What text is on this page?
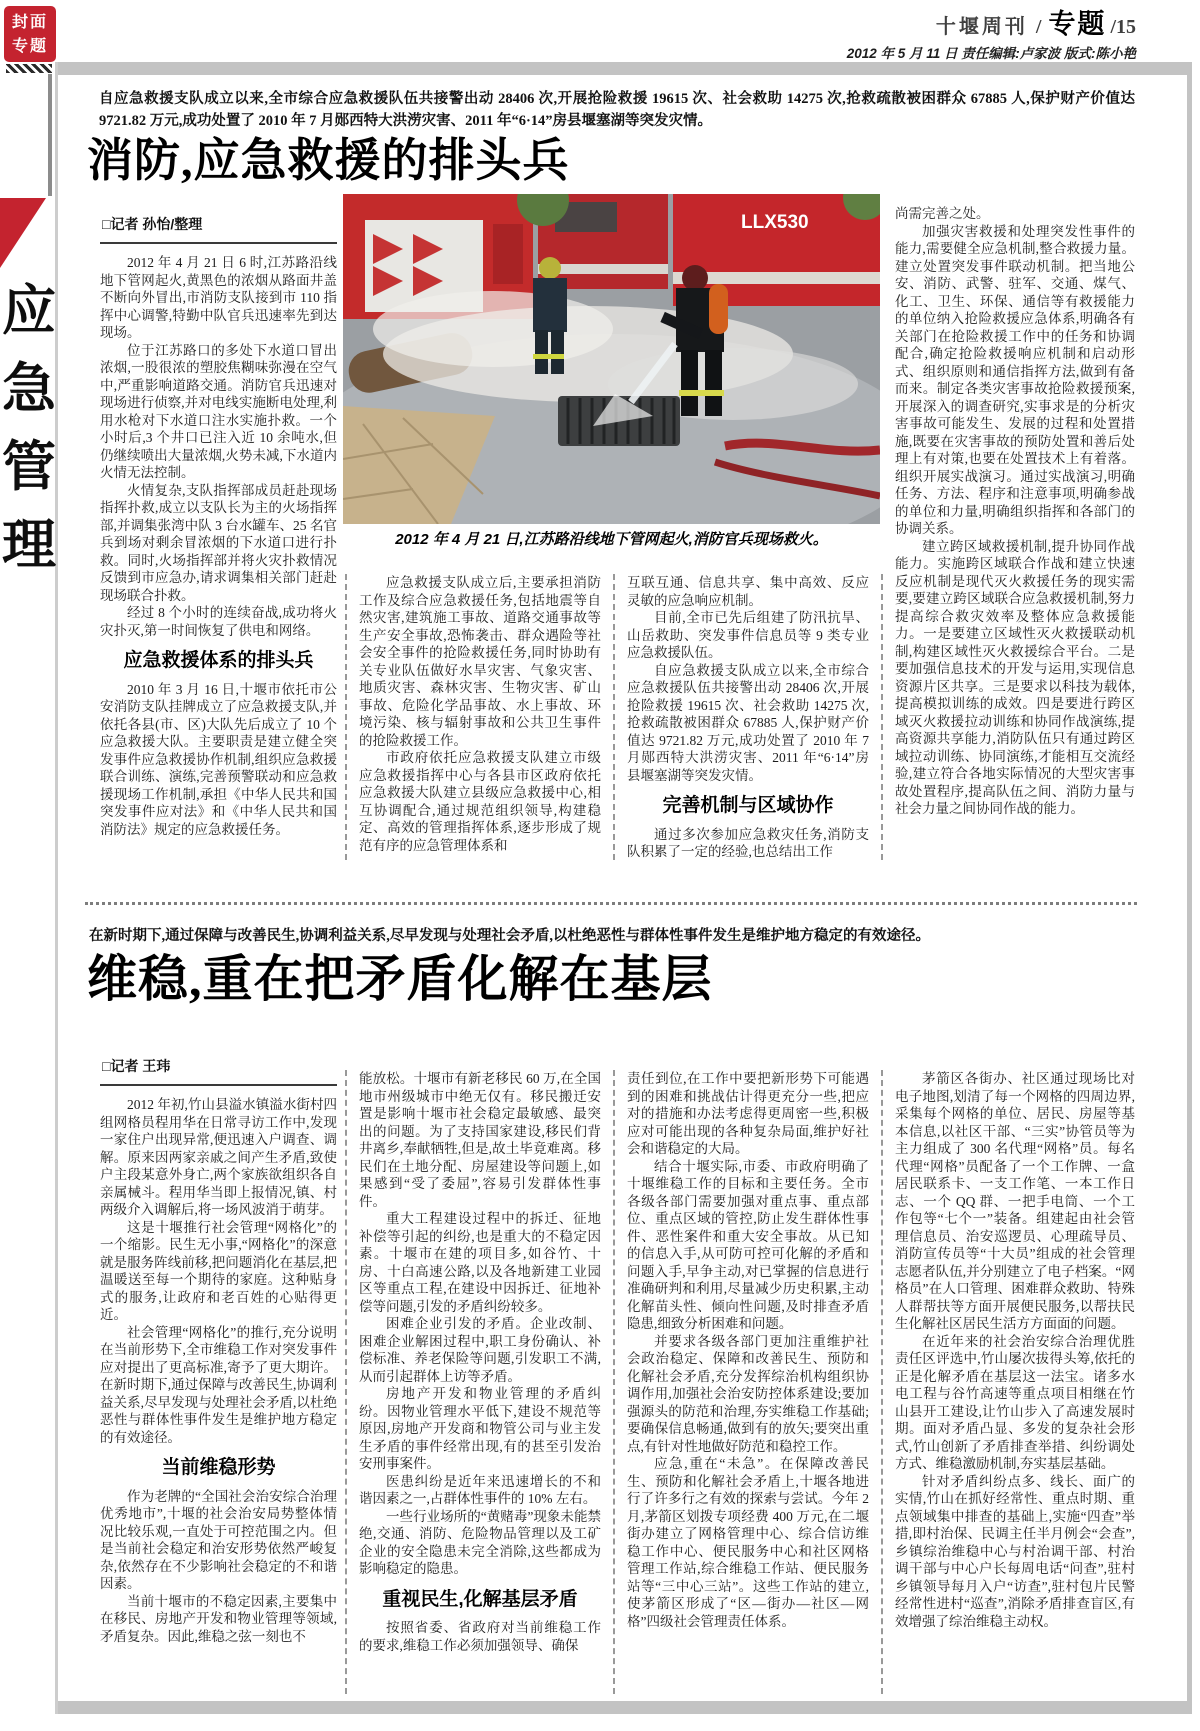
封面
专题
应
急
管
理
十堰周刊 / 专题 /15
2012 年 5 月 11 日 责任编辑:卢家波 版式:陈小艳
自应急救援支队成立以来,全市综合应急救援队伍共接警出动 28406 次,开展抢险救援 19615 次、社会救助 14275 次,抢救疏散被困群众 67885 人,保护财产价值达 9721.82 万元,成功处置了 2010 年 7 月郧西特大洪涝灾害、2011 年“6·14”房县堰塞湖等突发灾情。
消防,应急救援的排头兵
LLX530
2012 年 4 月 21 日,江苏路沿线地下管网起火,消防官兵现场救火。
□记者 孙怡/整理

2012 年 4 月 21 日 6 时,江苏路沿线地下管网起火,黄黑色的浓烟从路面井盖不断向外冒出,市消防支队接到市 110 指挥中心调警,特勤中队官兵迅速率先到达现场。

位于江苏路口的多处下水道口冒出浓烟,一股很浓的塑胶焦糊味弥漫在空气中,严重影响道路交通。消防官兵迅速对现场进行侦察,并对电线实施断电处理,利用水枪对下水道口注水实施扑救。一个小时后,3 个井口已注入近 10 余吨水,但仍继续喷出大量浓烟,火势未减,下水道内火情无法控制。

火情复杂,支队指挥部成员赶赴现场指挥扑救,成立以支队长为主的火场指挥部,并调集张湾中队 3 台水罐车、25 名官兵到场对剩余冒浓烟的下水道口进行扑救。同时,火场指挥部并将火灾扑救情况反馈到市应急办,请求调集相关部门赶赴现场联合扑救。

经过 8 个小时的连续奋战,成功将火灾扑灭,第一时间恢复了供电和网络。

应急救援体系的排头兵

2010 年 3 月 16 日,十堰市依托市公安消防支队挂牌成立了应急救援支队,并依托各县(市、区)大队先后成立了 10 个应急救援大队。主要职责是建立健全突发事件应急救援协作机制,组织应急救援联合训练、演练,完善预警联动和应急救援现场工作机制,承担《中华人民共和国突发事件应对法》和《中华人民共和国消防法》规定的应急救援任务。

应急救援支队成立后,主要承担消防工作及综合应急救援任务,包括地震等自然灾害,建筑施工事故、道路交通事故等生产安全事故,恐怖袭击、群众遇险等社会安全事件的抢险救援任务,同时协助有关专业队伍做好水旱灾害、气象灾害、地质灾害、森林灾害、生物灾害、矿山事故、危险化学品事故、水上事故、环境污染、核与辐射事故和公共卫生事件的抢险救援工作。

市政府依托应急救援支队建立市级应急救援指挥中心与各县市区政府依托应急救援大队建立县级应急救援中心,相互协调配合,通过规范组织领导,构建稳定、高效的管理指挥体系,逐步形成了规范有序的应急管理体系和

互联互通、信息共享、集中高效、反应灵敏的应急响应机制。

目前,全市已先后组建了防汛抗旱、山岳救助、突发事件信息员等 9 类专业应急救援队伍。

自应急救援支队成立以来,全市综合应急救援队伍共接警出动 28406 次,开展抢险救援 19615 次、社会救助 14275 次,抢救疏散被困群众 67885 人,保护财产价值达 9721.82 万元,成功处置了 2010 年 7 月郧西特大洪涝灾害、2011 年“6·14”房县堰塞湖等突发灾情。

完善机制与区域协作

通过多次参加应急救灾任务,消防支队积累了一定的经验,也总结出工作

尚需完善之处。

加强灾害救援和处理突发性事件的能力,需要健全应急机制,整合救援力量。建立处置突发事件联动机制。把当地公安、消防、武警、驻军、交通、煤气、化工、卫生、环保、通信等有救援能力的单位纳入抢险救援应急体系,明确各有关部门在抢险救援工作中的任务和协调配合,确定抢险救援响应机制和启动形式、组织原则和通信指挥方法,做到有备而来。制定各类灾害事故抢险救援预案,开展深入的调查研究,实事求是的分析灾害事故可能发生、发展的过程和处置措施,既要在灾害事故的预防处置和善后处理上有对策,也要在处置技术上有着落。组织开展实战演习。通过实战演习,明确任务、方法、程序和注意事项,明确参战的单位和力量,明确组织指挥和各部门的协调关系。

建立跨区域救援机制,提升协同作战能力。实施跨区域联合作战和建立快速反应机制是现代灭火救援任务的现实需要,要建立跨区域联合应急救援机制,努力提高综合救灾效率及整体应急救援能力。一是要建立区域性灭火救援联动机制,构建区域性灭火救援综合平台。二是要加强信息技术的开发与运用,实现信息资源片区共享。三是要求以科技为载体,提高模拟训练的成效。四是要进行跨区域灭火救援拉动训练和协同作战演练,提高资源共享能力,消防队伍只有通过跨区域拉动训练、协同演练,才能相互交流经验,建立符合各地实际情况的大型灾害事故处置程序,提高队伍之间、消防力量与社会力量之间协同作战的能力。

在新时期下,通过保障与改善民生,协调利益关系,尽早发现与处理社会矛盾,以杜绝恶性与群体性事件发生是维护地方稳定的有效途径。
维稳,重在把矛盾化解在基层
□记者 王玮

2012 年初,竹山县溢水镇溢水街村四组网格员程用华在日常寻访工作中,发现一家住户出现异常,便迅速入户调查、调解。原来因两家亲戚之间产生矛盾,致使户主段某意外身亡,两个家族欲组织各自亲属械斗。程用华当即上报情况,镇、村两级介入调解后,将一场风波消于萌芽。

这是十堰推行社会管理“网格化”的一个缩影。民生无小事,“网格化”的深意就是服务阵线前移,把问题消化在基层,把温暖送至每一个期待的家庭。这种贴身式的服务,让政府和老百姓的心贴得更近。

社会管理“网格化”的推行,充分说明在当前形势下,全市维稳工作对突发事件应对提出了更高标准,寄予了更大期许。在新时期下,通过保障与改善民生,协调利益关系,尽早发现与处理社会矛盾,以杜绝恶性与群体性事件发生是维护地方稳定的有效途径。

当前维稳形势

作为老牌的“全国社会治安综合治理优秀地市”,十堰的社会治安局势整体情况比较乐观,一直处于可控范围之内。但是当前社会稳定和治安形势依然严峻复杂,依然存在不少影响社会稳定的不和谐因素。

当前十堰市的不稳定因素,主要集中在移民、房地产开发和物业管理等领域,矛盾复杂。因此,维稳之弦一刻也不

能放松。十堰市有新老移民 60 万,在全国地市州级城市中绝无仅有。移民搬迁安置是影响十堰市社会稳定最敏感、最突出的问题。为了支持国家建设,移民们背井离乡,奉献牺牲,但是,故土毕竟难离。移民们在土地分配、房屋建设等问题上,如果感到“受了委屈”,容易引发群体性事件。

重大工程建设过程中的拆迁、征地补偿等引起的纠纷,也是重大的不稳定因素。十堰市在建的项目多,如谷竹、十房、十白高速公路,以及各地新建工业园区等重点工程,在建设中因拆迁、征地补偿等问题,引发的矛盾纠纷较多。

困难企业引发的矛盾。企业改制、困难企业解困过程中,职工身份确认、补偿标准、养老保险等问题,引发职工不满,从而引起群体上访等矛盾。

房地产开发和物业管理的矛盾纠纷。因物业管理水平低下,建设不规范等原因,房地产开发商和物管公司与业主发生矛盾的事件经常出现,有的甚至引发治安刑事案件。

医患纠纷是近年来迅速增长的不和谐因素之一,占群体性事件的 10% 左右。

一些行业场所的“黄赌毒”现象未能禁绝,交通、消防、危险物品管理以及工矿企业的安全隐患未完全消除,这些都成为影响稳定的隐患。

重视民生,化解基层矛盾

按照省委、省政府对当前维稳工作的要求,维稳工作必须加强领导、确保

责任到位,在工作中要把新形势下可能遇到的困难和挑战估计得更充分一些,把应对的措施和办法考虑得更周密一些,积极应对可能出现的各种复杂局面,维护好社会和谐稳定的大局。

结合十堰实际,市委、市政府明确了十堰维稳工作的目标和主要任务。全市各级各部门需要加强对重点事、重点部位、重点区域的管控,防止发生群体性事件、恶性案件和重大安全事故。从已知的信息入手,从可防可控可化解的矛盾和问题入手,早争主动,对已掌握的信息进行准确研判和利用,尽量减少历史积累,主动化解苗头性、倾向性问题,及时排查矛盾隐患,细致分析困难和问题。

并要求各级各部门更加注重维护社会政治稳定、保障和改善民生、预防和化解社会矛盾,充分发挥综治机构组织协调作用,加强社会治安防控体系建设;要加强源头的防范和治理,夯实维稳工作基础;要确保信息畅通,做到有的放矢;要突出重点,有针对性地做好防范和稳控工作。

应急,重在“未急”。在保障改善民生、预防和化解社会矛盾上,十堰各地进行了许多行之有效的探索与尝试。今年 2 月,茅箭区划拨专项经费 400 万元,在二堰街办建立了网格管理中心、综合信访维稳工作中心、便民服务中心和社区网格管理工作站,综合维稳工作站、便民服务站等“三中心三站”。这些工作站的建立,使茅箭区形成了“区—街办—社区—网格”四级社会管理责任体系。

茅箭区各街办、社区通过现场比对电子地图,划清了每一个网格的四周边界,采集每个网格的单位、居民、房屋等基本信息,以社区干部、“三实”协管员等为主力组成了 300 名代理“网格”员。每名代理“网格”员配备了一个工作牌、一盒居民联系卡、一支工作笔、一本工作日志、一个 QQ 群、一把手电筒、一个工作包等“七个一”装备。组建起由社会管理信息员、治安巡逻员、心理疏导员、消防宣传员等“十大员”组成的社会管理志愿者队伍,并分别建立了电子档案。“网格员”在人口管理、困难群众救助、特殊人群帮扶等方面开展便民服务,以帮扶民生化解社区居民生活方方面面的问题。

在近年来的社会治安综合治理优胜责任区评选中,竹山屡次拔得头筹,依托的正是化解矛盾在基层这一法宝。诸多水电工程与谷竹高速等重点项目相继在竹山县开工建设,让竹山步入了高速发展时期。面对矛盾凸显、多发的复杂社会形式,竹山创新了矛盾排查举措、纠纷调处方式、维稳激励机制,夯实基层基础。

针对矛盾纠纷点多、线长、面广的实情,竹山在抓好经常性、重点时期、重点领域集中排查的基础上,实施“四查”举措,即村治保、民调主任半月例会“会查”,乡镇综治维稳中心与村治调干部、村治调干部与中心户长每周电话“问查”,驻村乡镇领导每月入户“访查”,驻村包片民警经常性进村“巡查”,消除矛盾排查盲区,有效增强了综治维稳主动权。
